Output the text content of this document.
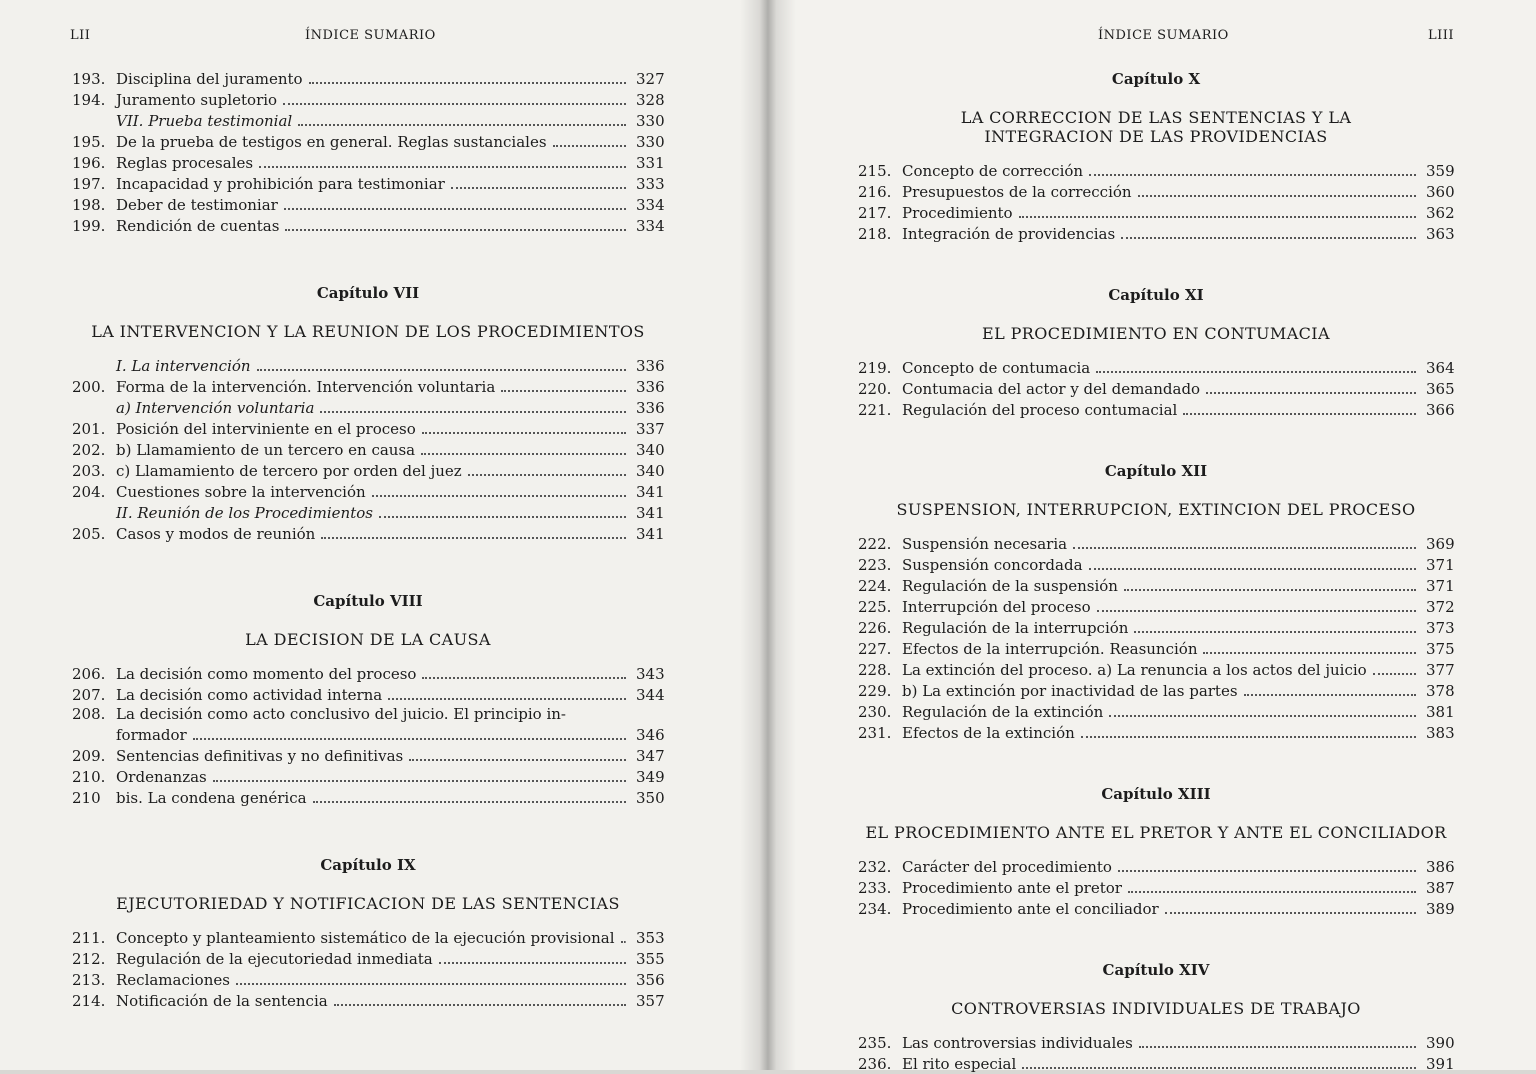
LII	ÍNDICE SUMARIO
193. Disciplina del juramento	327
194. Juramento supletorio	328
VII. Prueba testimonial	330
195. De la prueba de testigos en general. Reglas sustanciales	330
196. Reglas procesales	331
197. Incapacidad y prohibición para testimoniar	333
198. Deber de testimoniar	334
199. Rendición de cuentas	334
Capítulo VII
LA INTERVENCION Y LA REUNION DE LOS PROCEDIMIENTOS
I. La intervención	336
200. Forma de la intervención. Intervención voluntaria	336
a) Intervención voluntaria	336
201. Posición del interviniente en el proceso	337
202. b) Llamamiento de un tercero en causa	340
203. c) Llamamiento de tercero por orden del juez	340
204. Cuestiones sobre la intervención	341
II. Reunión de los Procedimientos	341
205. Casos y modos de reunión	341
Capítulo VIII
LA DECISION DE LA CAUSA
206. La decisión como momento del proceso	343
207. La decisión como actividad interna	344
208. La decisión como acto conclusivo del juicio. El principio in-
formador	346
209. Sentencias definitivas y no definitivas	347
210. Ordenanzas	349
210	bis. La condena genérica	350
Capítulo IX
EJECUTORIEDAD Y NOTIFICACION DE LAS SENTENCIAS
211. Concepto y planteamiento sistemático de la ejecución provisional	353
212. Regulación de la ejecutoriedad inmediata	355
213. Reclamaciones	356
214. Notificación de la sentencia	357
ÍNDICE SUMARIO	LIII
Capítulo X
LA CORRECCION DE LAS SENTENCIAS Y LA INTEGRACION DE LAS PROVIDENCIAS
215. Concepto de corrección	359
216. Presupuestos de la corrección	360
217. Procedimiento	362
218. Integración de providencias	363
Capítulo XI
EL PROCEDIMIENTO EN CONTUMACIA
219. Concepto de contumacia	364
220. Contumacia del actor y del demandado	365
221. Regulación del proceso contumacial	366
Capítulo XII
SUSPENSION, INTERRUPCION, EXTINCION DEL PROCESO
222. Suspensión necesaria	369
223. Suspensión concordada	371
224. Regulación de la suspensión	371
225. Interrupción del proceso	372
226. Regulación de la interrupción	373
227. Efectos de la interrupción. Reasunción	375
228. La extinción del proceso. a) La renuncia a los actos del juicio	377
229. b) La extinción por inactividad de las partes	378
230. Regulación de la extinción	381
231. Efectos de la extinción	383
Capítulo XIII
EL PROCEDIMIENTO ANTE EL PRETOR Y ANTE EL CONCILIADOR
232. Carácter del procedimiento	386
233. Procedimiento ante el pretor	387
234. Procedimiento ante el conciliador	389
Capítulo XIV
CONTROVERSIAS INDIVIDUALES DE TRABAJO
235. Las controversias individuales	390
236. El rito especial	391
